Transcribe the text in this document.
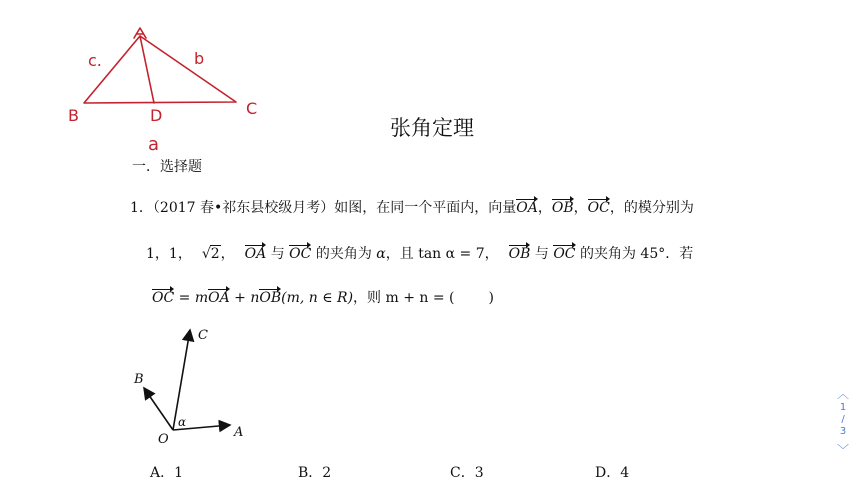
c.	b
B	D	C
a
张角定理
一．选择题
1．（2017 春•祁东县校级月考）如图，在同一个平面内，向量OA，OB，OC，的模分别为
1，1， √2， OA 与 OC 的夹角为 α，且 tan α = 7， OB 与 OC 的夹角为 45°．若
OC = mOA + nOB(m, n ∈ R)，则 m + n = ( )
C
B
O	A
α
A．1	B．2	C．3	D．4
︿
1
/
3
﹀
